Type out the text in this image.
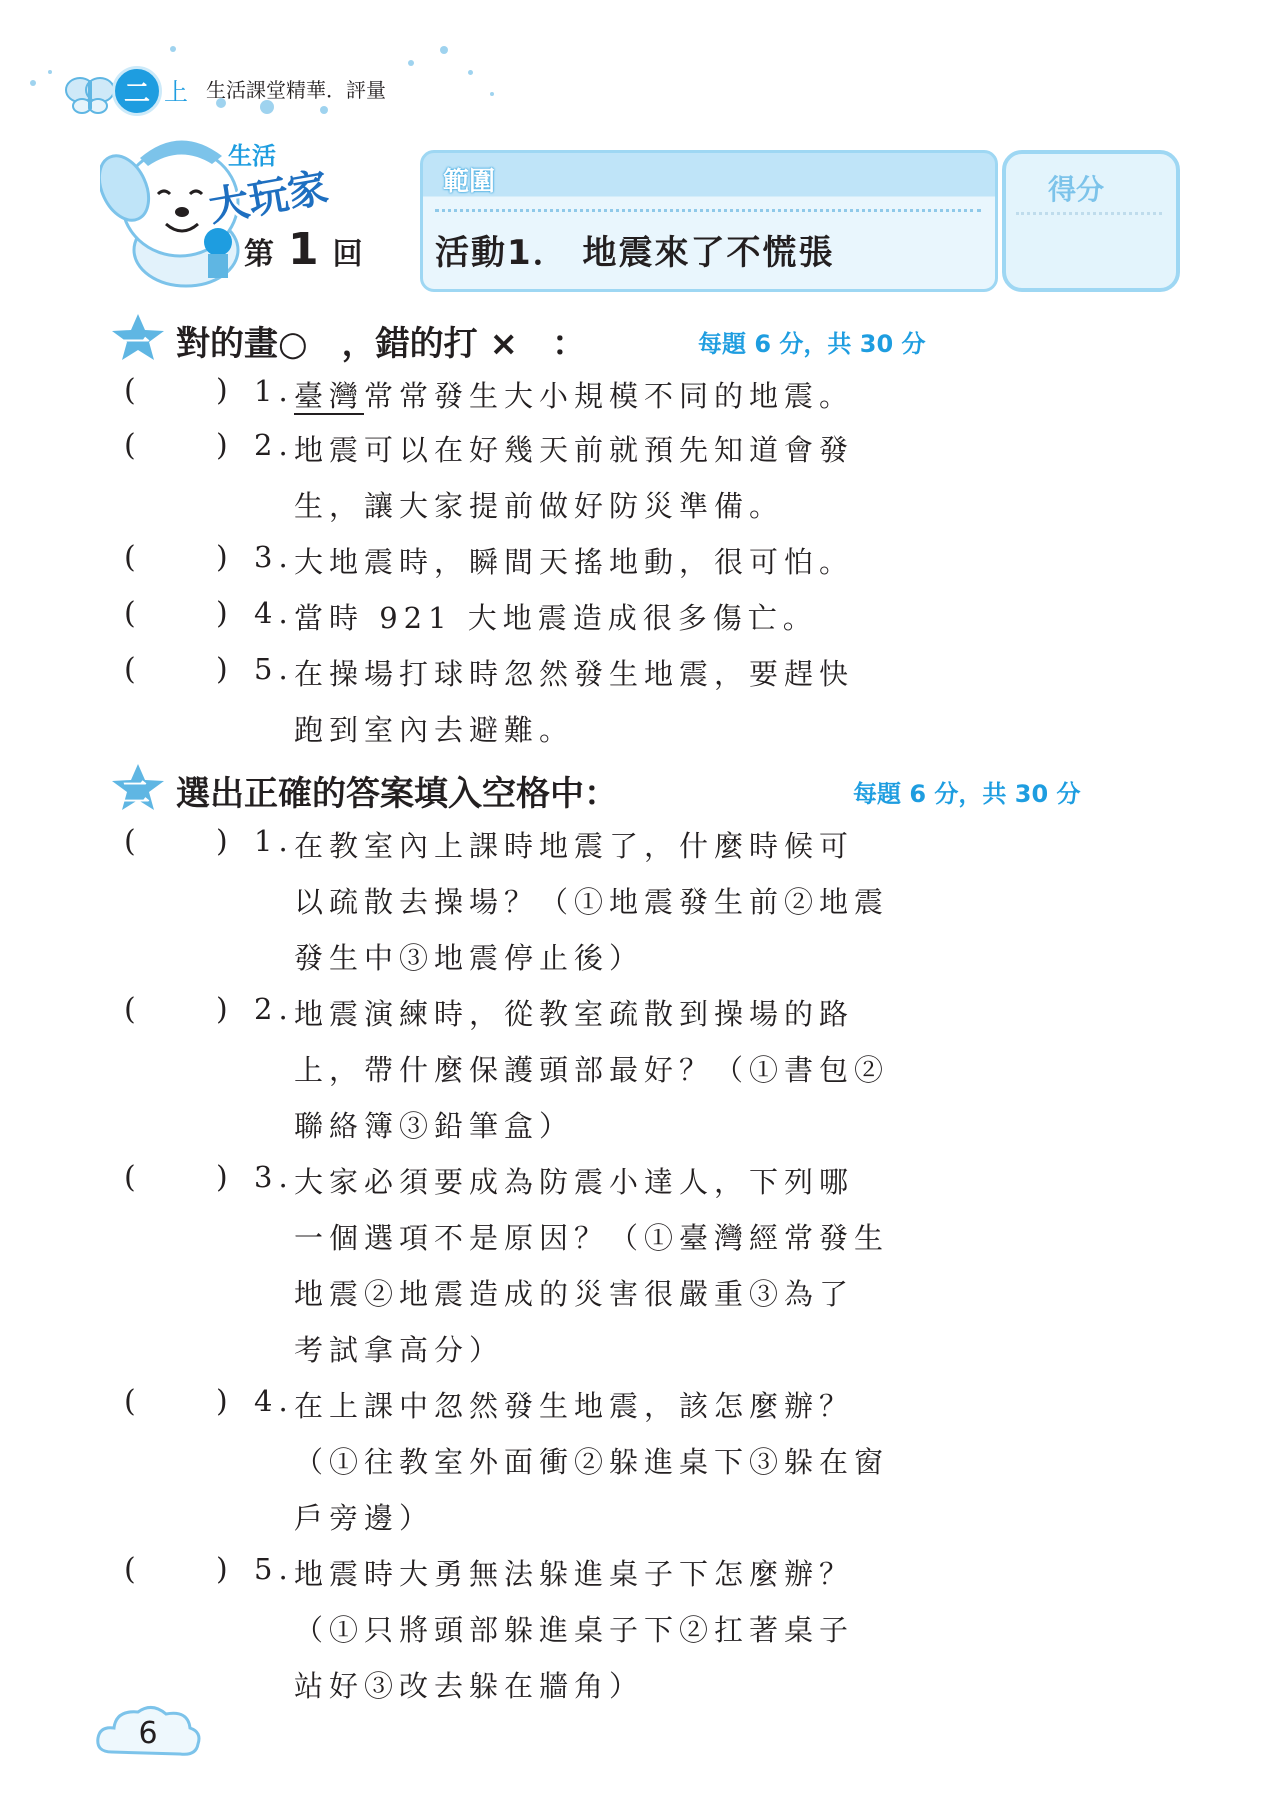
二 上 生活課堂精華．評量
生活
大玩家
第 1 回
範圍
活動1． 地震來了不慌張
得分
一 對的畫○　，錯的打 ×　：	每題 6 分，共 30 分
(	) 1. 臺灣常常發生大小規模不同的地震。
(	) 2. 地震可以在好幾天前就預先知道會發
生，讓大家提前做好防災準備。
(	) 3. 大地震時，瞬間天搖地動，很可怕。
(	) 4. 當時 921 大地震造成很多傷亡。
(	) 5. 在操場打球時忽然發生地震，要趕快
跑到室內去避難。
二 選出正確的答案填入空格中：	每題 6 分，共 30 分
(	) 1. 在教室內上課時地震了，什麼時候可
以疏散去操場？（①地震發生前②地震
發生中③地震停止後）
(	) 2. 地震演練時，從教室疏散到操場的路
上，帶什麼保護頭部最好？（①書包②
聯絡簿③鉛筆盒）
(	) 3. 大家必須要成為防震小達人，下列哪
一個選項不是原因？（①臺灣經常發生
地震②地震造成的災害很嚴重③為了
考試拿高分）
(	) 4. 在上課中忽然發生地震，該怎麼辦？
（①往教室外面衝②躲進桌下③躲在窗
戶旁邊）
(	) 5. 地震時大勇無法躲進桌子下怎麼辦？
（①只將頭部躲進桌子下②扛著桌子
站好③改去躲在牆角）
6
